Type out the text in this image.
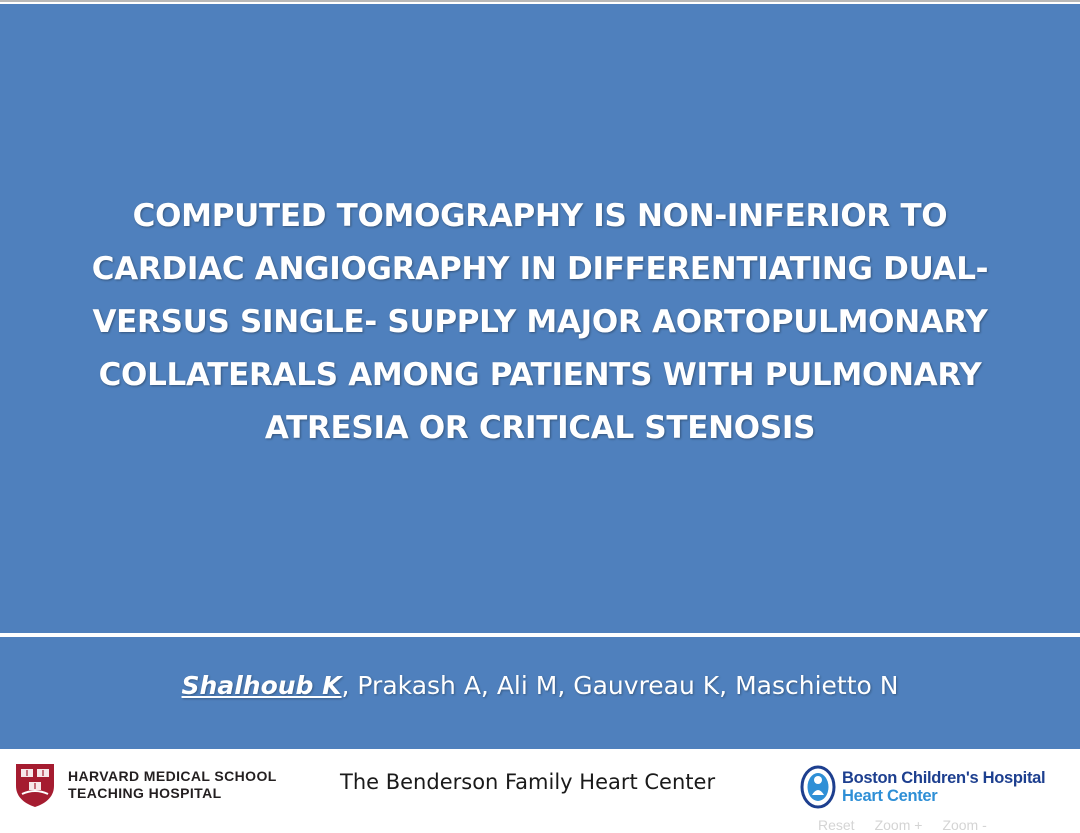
COMPUTED TOMOGRAPHY IS NON-INFERIOR TO
CARDIAC ANGIOGRAPHY IN DIFFERENTIATING DUAL-
VERSUS SINGLE- SUPPLY MAJOR AORTOPULMONARY
COLLATERALS AMONG PATIENTS WITH PULMONARY
ATRESIA OR CRITICAL STENOSIS
Shalhoub K, Prakash A, Ali M, Gauvreau K, Maschietto N
HARVARD MEDICAL SCHOOL
TEACHING HOSPITAL	The Benderson Family Heart Center	Boston Children's Hospital
Heart Center
Reset Zoom + Zoom -
